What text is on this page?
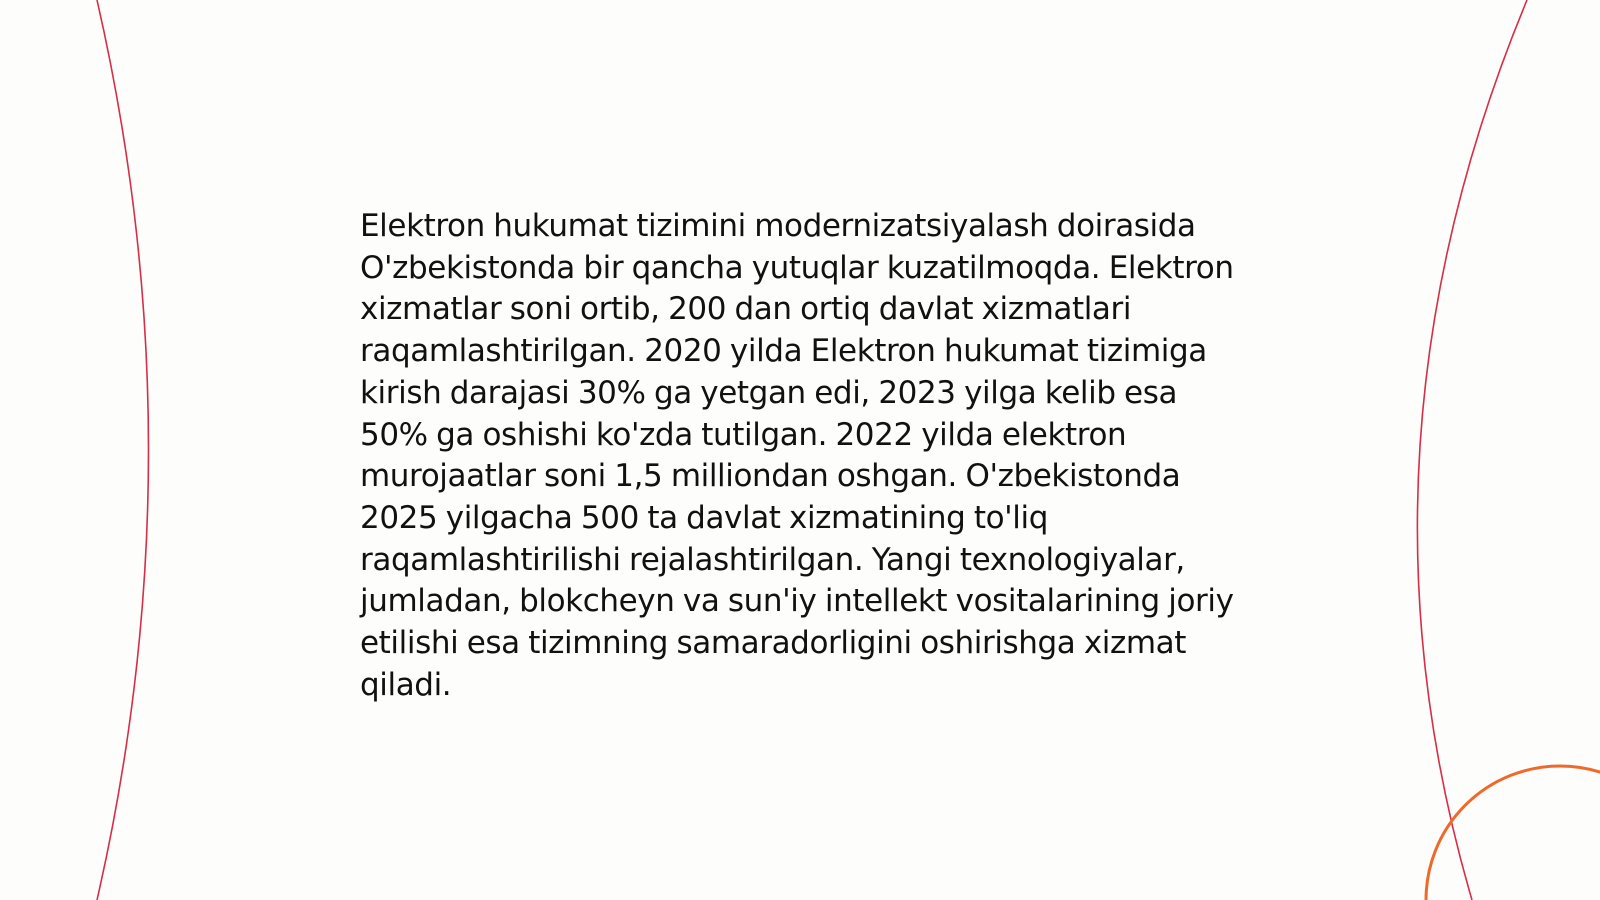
Elektron hukumat tizimini modernizatsiyalash doirasida O'zbekistonda bir qancha yutuqlar kuzatilmoqda. Elektron xizmatlar soni ortib, 200 dan ortiq davlat xizmatlari raqamlashtirilgan. 2020 yilda Elektron hukumat tizimiga kirish darajasi 30% ga yetgan edi, 2023 yilga kelib esa 50% ga oshishi ko'zda tutilgan. 2022 yilda elektron murojaatlar soni 1,5 milliondan oshgan. O'zbekistonda 2025 yilgacha 500 ta davlat xizmatining to'liq raqamlashtirilishi rejalashtirilgan. Yangi texnologiyalar, jumladan, blokcheyn va sun'iy intellekt vositalarining joriy etilishi esa tizimning samaradorligini oshirishga xizmat qiladi.
